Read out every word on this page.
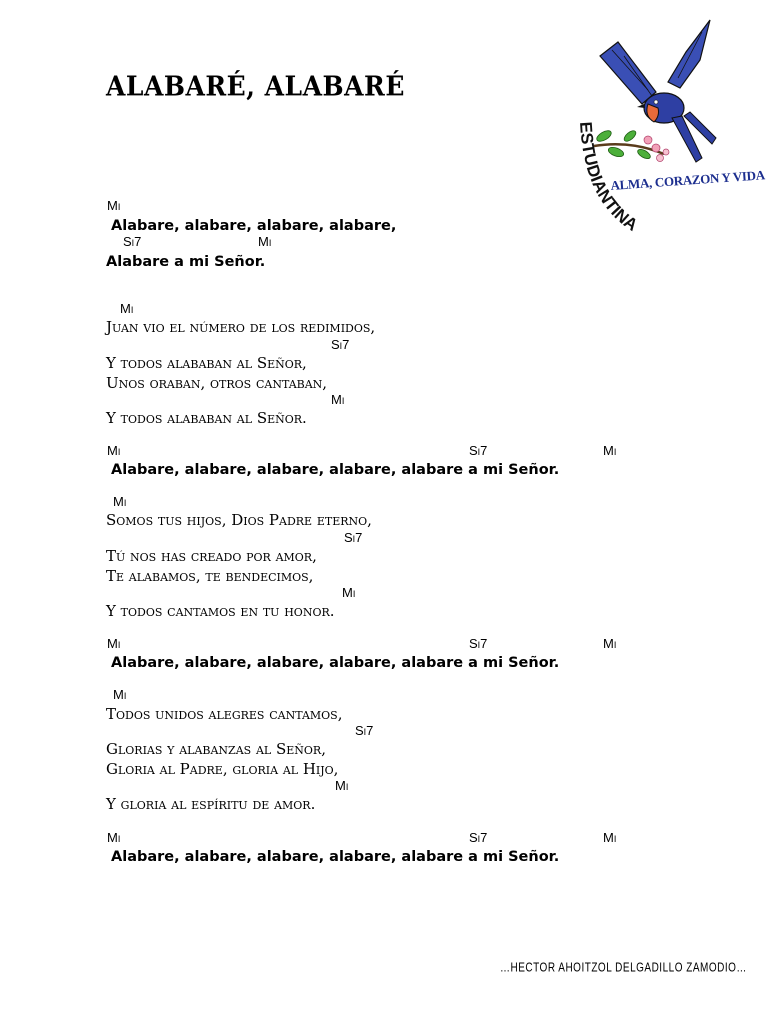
ALABARÉ, ALABARÉ
ESTUDIANTINA
ALMA, CORAZON Y VIDA
Mi
Alabare, alabare, alabare, alabare,
Si7	Mi
Alabare a mi Señor.
Mi
Juan vio el número de los redimidos,
Si7
Y todos alababan al Señor,
Unos oraban, otros cantaban,
Mi
Y todos alababan al Señor.
Mi	Si7	Mi
Alabare, alabare, alabare, alabare, alabare a mi Señor.
Mi
Somos tus hijos, Dios Padre eterno,
Si7
Tú nos has creado por amor,
Te alabamos, te bendecimos,
Mi
Y todos cantamos en tu honor.
Mi	Si7	Mi
Alabare, alabare, alabare, alabare, alabare a mi Señor.
Mi
Todos unidos alegres cantamos,
Si7
Glorias y alabanzas al Señor,
Gloria al Padre, gloria al Hijo,
Mi
Y gloria al espíritu de amor.
Mi	Si7	Mi
Alabare, alabare, alabare, alabare, alabare a mi Señor.
…HECTOR AHOITZOL DELGADILLO ZAMODIO…
